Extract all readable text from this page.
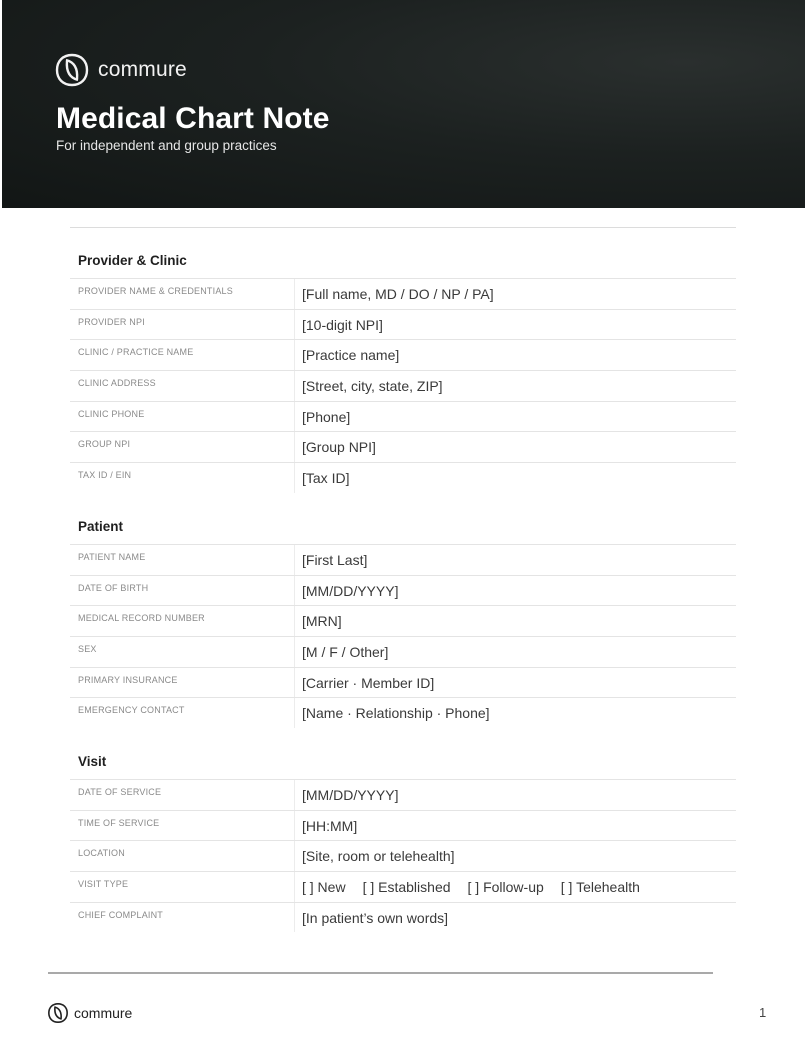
commure
Medical Chart Note
For independent and group practices
Provider & Clinic
PROVIDER NAME & CREDENTIALS	[Full name, MD / DO / NP / PA]
PROVIDER NPI	[10-digit NPI]
CLINIC / PRACTICE NAME	[Practice name]
CLINIC ADDRESS	[Street, city, state, ZIP]
CLINIC PHONE	[Phone]
GROUP NPI	[Group NPI]
TAX ID / EIN	[Tax ID]
Patient
PATIENT NAME	[First Last]
DATE OF BIRTH	[MM/DD/YYYY]
MEDICAL RECORD NUMBER	[MRN]
SEX	[M / F / Other]
PRIMARY INSURANCE	[Carrier · Member ID]
EMERGENCY CONTACT	[Name · Relationship · Phone]
Visit
DATE OF SERVICE	[MM/DD/YYYY]
TIME OF SERVICE	[HH:MM]
LOCATION	[Site, room or telehealth]
VISIT TYPE	[ ] New [ ] Established [ ] Follow-up [ ] Telehealth
CHIEF COMPLAINT	[In patient’s own words]
commure	1
